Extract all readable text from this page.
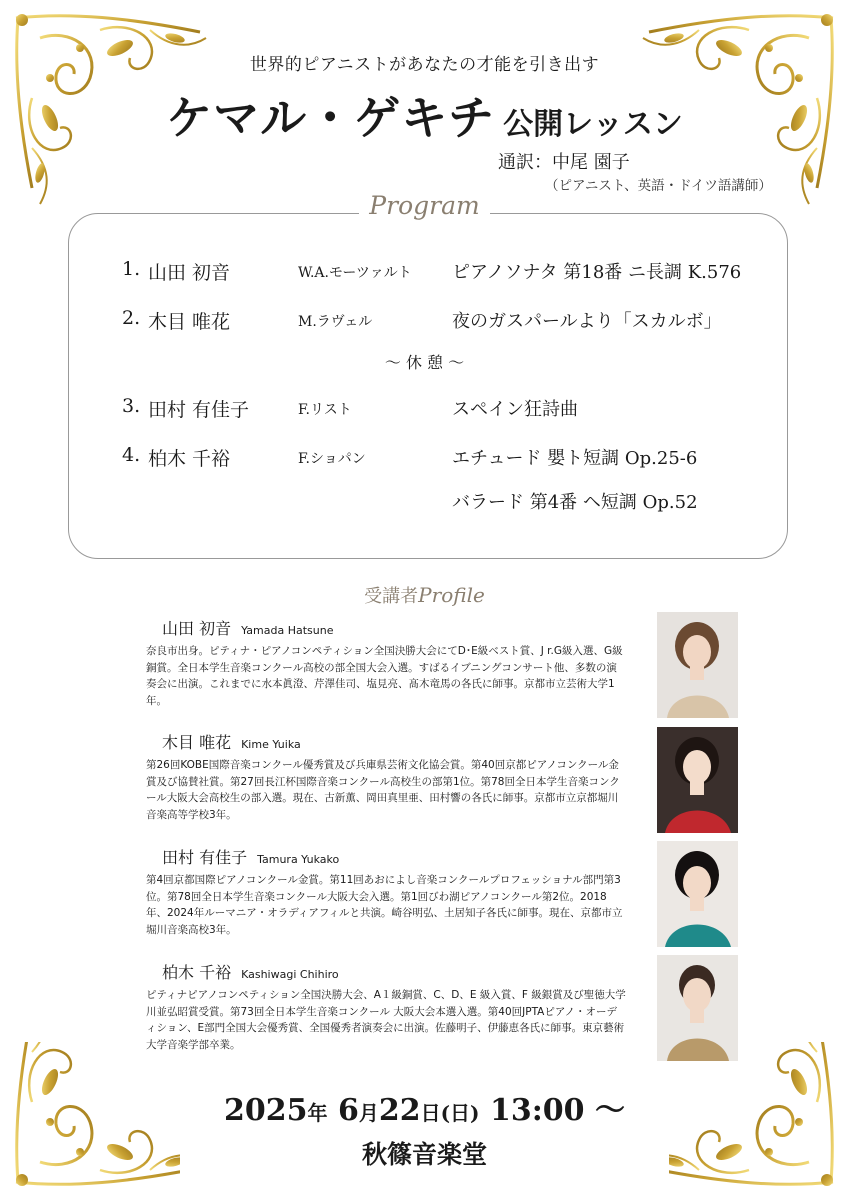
世界的ピアニストがあなたの才能を引き出す
ケマル・ゲキチ 公開レッスン
通訳：中尾 園子
（ピアニスト、英語・ドイツ語講師）
Program
1. 山田 初音	W.A.モーツァルト ピアノソナタ 第18番 ニ長調 K.576
2. 木目 唯花	M.ラヴェル	夜のガスパールより「スカルボ」
～ 休 憩 ～
3. 田村 有佳子	F.リスト	スペイン狂詩曲
4. 柏木 千裕	F.ショパン	エチュード 嬰ト短調 Op.25-6
バラード 第4番 ヘ短調 Op.52
受講者Profile
山田 初音 Yamada Hatsune
奈良市出身。ピティナ・ピアノコンペティション全国決勝大会にてD･E級ベスト賞、J r.G級入選、G級銅賞。全日本学生音楽コンクール高校の部全国大会入選。すばるイブニングコンサート他、多数の演奏会に出演。これまでに水本眞澄、芹澤佳司、塩見亮、髙木竜馬の各氏に師事。京都市立芸術大学1年。
木目 唯花 Kime Yuika
第26回KOBE国際音楽コンクール優秀賞及び兵庫県芸術文化協会賞。第40回京都ピアノコンクール金賞及び協賛社賞。第27回長江杯国際音楽コンクール高校生の部第1位。第78回全日本学生音楽コンクール大阪大会高校生の部入選。現在、古新薫、岡田真里亜、田村響の各氏に師事。京都市立京都堀川音楽高等学校3年。
田村 有佳子 Tamura Yukako
第4回京都国際ピアノコンクール金賞。第11回あおによし音楽コンクールプロフェッショナル部門第3位。第78回全日本学生音楽コンクール大阪大会入選。第1回びわ湖ピアノコンクール第2位。2018年、2024年ルーマニア・オラディアフィルと共演。崎谷明弘、土居知子各氏に師事。現在、京都市立堀川音楽高校3年。
柏木 千裕 Kashiwagi Chihiro
ピティナピアノコンペティション全国決勝大会、A１級銅賞、C、D、E 級入賞、F 級銀賞及び聖徳大学川並弘昭賞受賞。第73回全日本学生音楽コンクール 大阪大会本選入選。第40回JPTAピアノ・オーディション、E部門全国大会優秀賞、全国優秀者演奏会に出演。佐藤明子、伊藤恵各氏に師事。東京藝術大学音楽学部卒業。
2025年 6月22日(日) 13:00 ～
秋篠音楽堂
